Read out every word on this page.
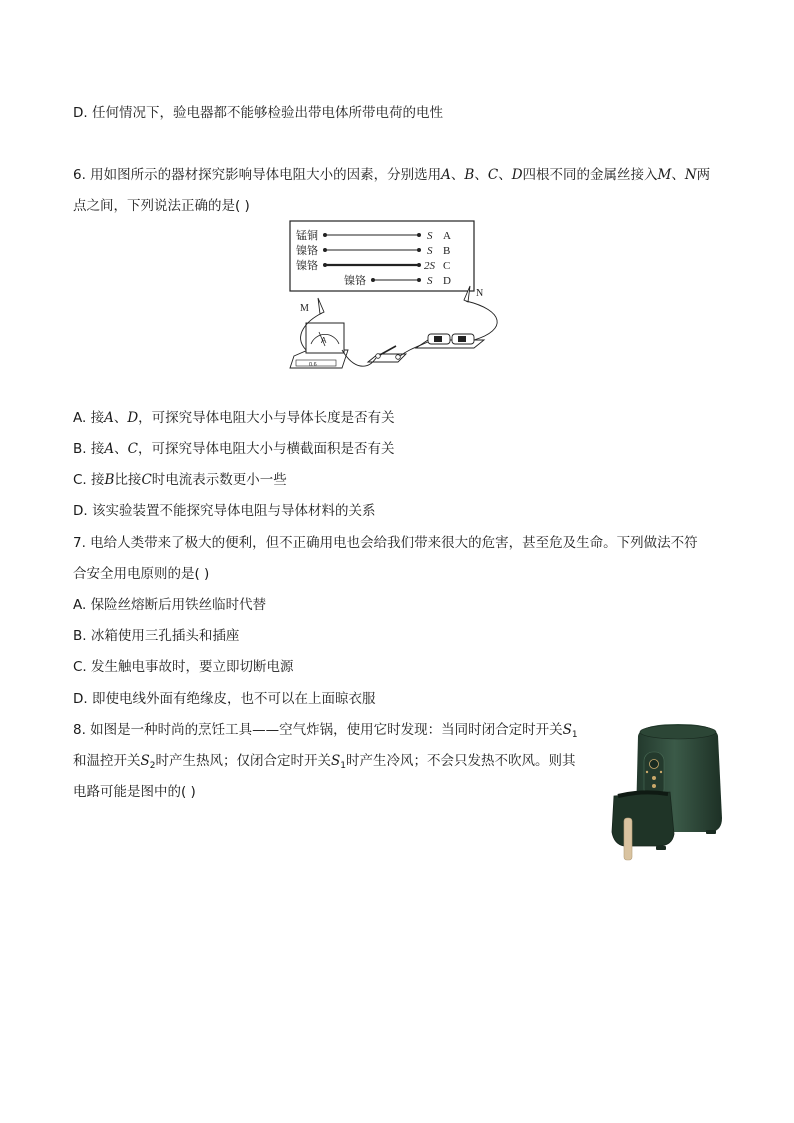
D. 任何情况下，验电器都不能够检验出带电体所带电荷的电性
6. 用如图所示的器材探究影响导体电阻大小的因素，分别选用A、B、C、D四根不同的金属丝接入M、N两
点之间，下列说法正确的是( )
锰铜	S A
镍铬	S B
镍铬	2S C
镍铬	S D
M
N
A
0.6
A. 接A、D，可探究导体电阻大小与导体长度是否有关
B. 接A、C，可探究导体电阻大小与横截面积是否有关
C. 接B比接C时电流表示数更小一些
D. 该实验装置不能探究导体电阻与导体材料的关系
7. 电给人类带来了极大的便利，但不正确用电也会给我们带来很大的危害，甚至危及生命。下列做法不符
合安全用电原则的是( )
A. 保险丝熔断后用铁丝临时代替
B. 冰箱使用三孔插头和插座
C. 发生触电事故时，要立即切断电源
D. 即使电线外面有绝缘皮，也不可以在上面晾衣服
8. 如图是一种时尚的烹饪工具——空气炸锅，使用它时发现：当同时闭合定时开关$S_1$
和温控开关$S_2$时产生热风；仅闭合定时开关$S_1$时产生冷风；不会只发热不吹风。则其
电路可能是图中的( )
